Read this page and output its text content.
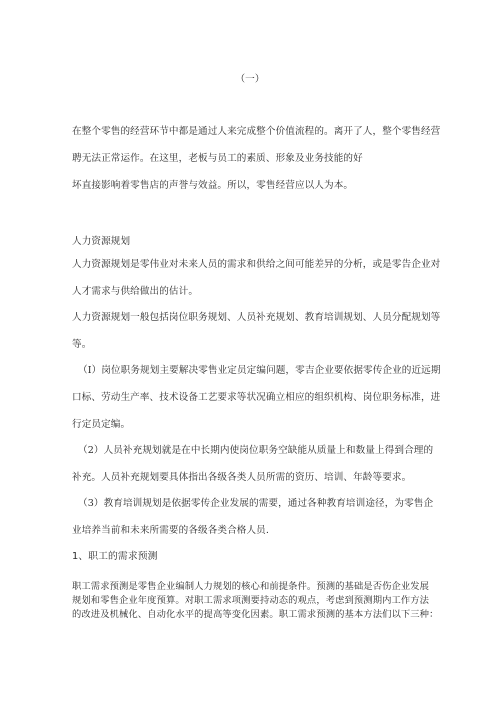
（一）
在整个零售的经营环节中都是通过人来完成整个价值流程的。离开了人，整个零售经营
聘无法正常运作。在这里，老板与员工的素质、形象及业务技能的好
坏直接影响着零售店的声誉与效益。所以，零售经营应以人为本。
人力资源规划
人力资源规划是零伟业对未来人员的需求和供给之间可能差异的分析，或是零告企业对
人才需求与供给做出的估计。
人力资源规划一般包括岗位职务规划、人员补充规划、教育培训规划、人员分配规划等
等。
（I）岗位职务规划主要解决零售业定员定编问题，零吉企业要依据零传企业的近远期
口标、劳动生产率、技术设备工艺要求等状况确立相应的组织机构、岗位职务标准，进
行定员定编。
（2）人员补充规划就是在中长期内使岗位职务空缺能从质量上和数量上得到合理的
补充。人员补充规划要具体指出各级各类人员所需的资历、培训、年龄等要求。
（3）教育培训规划是依据零传企业发展的需要，通过各种教育培训途径，为零售企
业培养当前和未来所需要的各级各类合格人员.
1、职工的需求预测
职工需求预测是零售企业编制人力规划的核心和前提条件。预测的基础是否伤企业发展
规划和零售企业年度预算。对职工需求项测要持动态的观点，考虑到预测期内工作方法
的改进及机械化、自动化水平的提高等变化因素。职工需求预测的基本方法们以下三种：
